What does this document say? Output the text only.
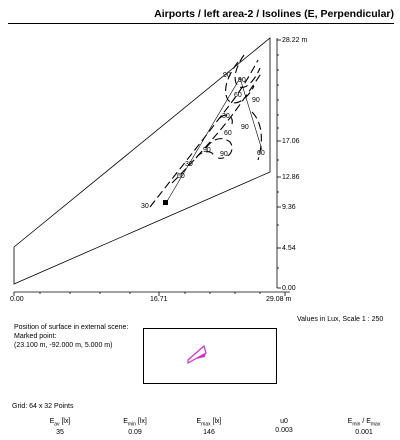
Airports / left area-2 / Isolines (E, Perpendicular)
90
60
90
90
30
60
90
90
30
90
60
60
30
28.22 m
17.06
12.86
9.36
4.54
0.00
0.00	16.71	29.08 m
Values in Lux, Scale 1 : 250
Position of surface in external scene:
Marked point:
(23.100 m, -92.000 m, 5.000 m)
Grid: 64 x 32 Points
$E_{av}$ [lx]
35
$E_{min}$ [lx]
0.09
$E_{max}$ [lx]
146
u0
0.003
$E_{min} / E_{max}$
0.001
